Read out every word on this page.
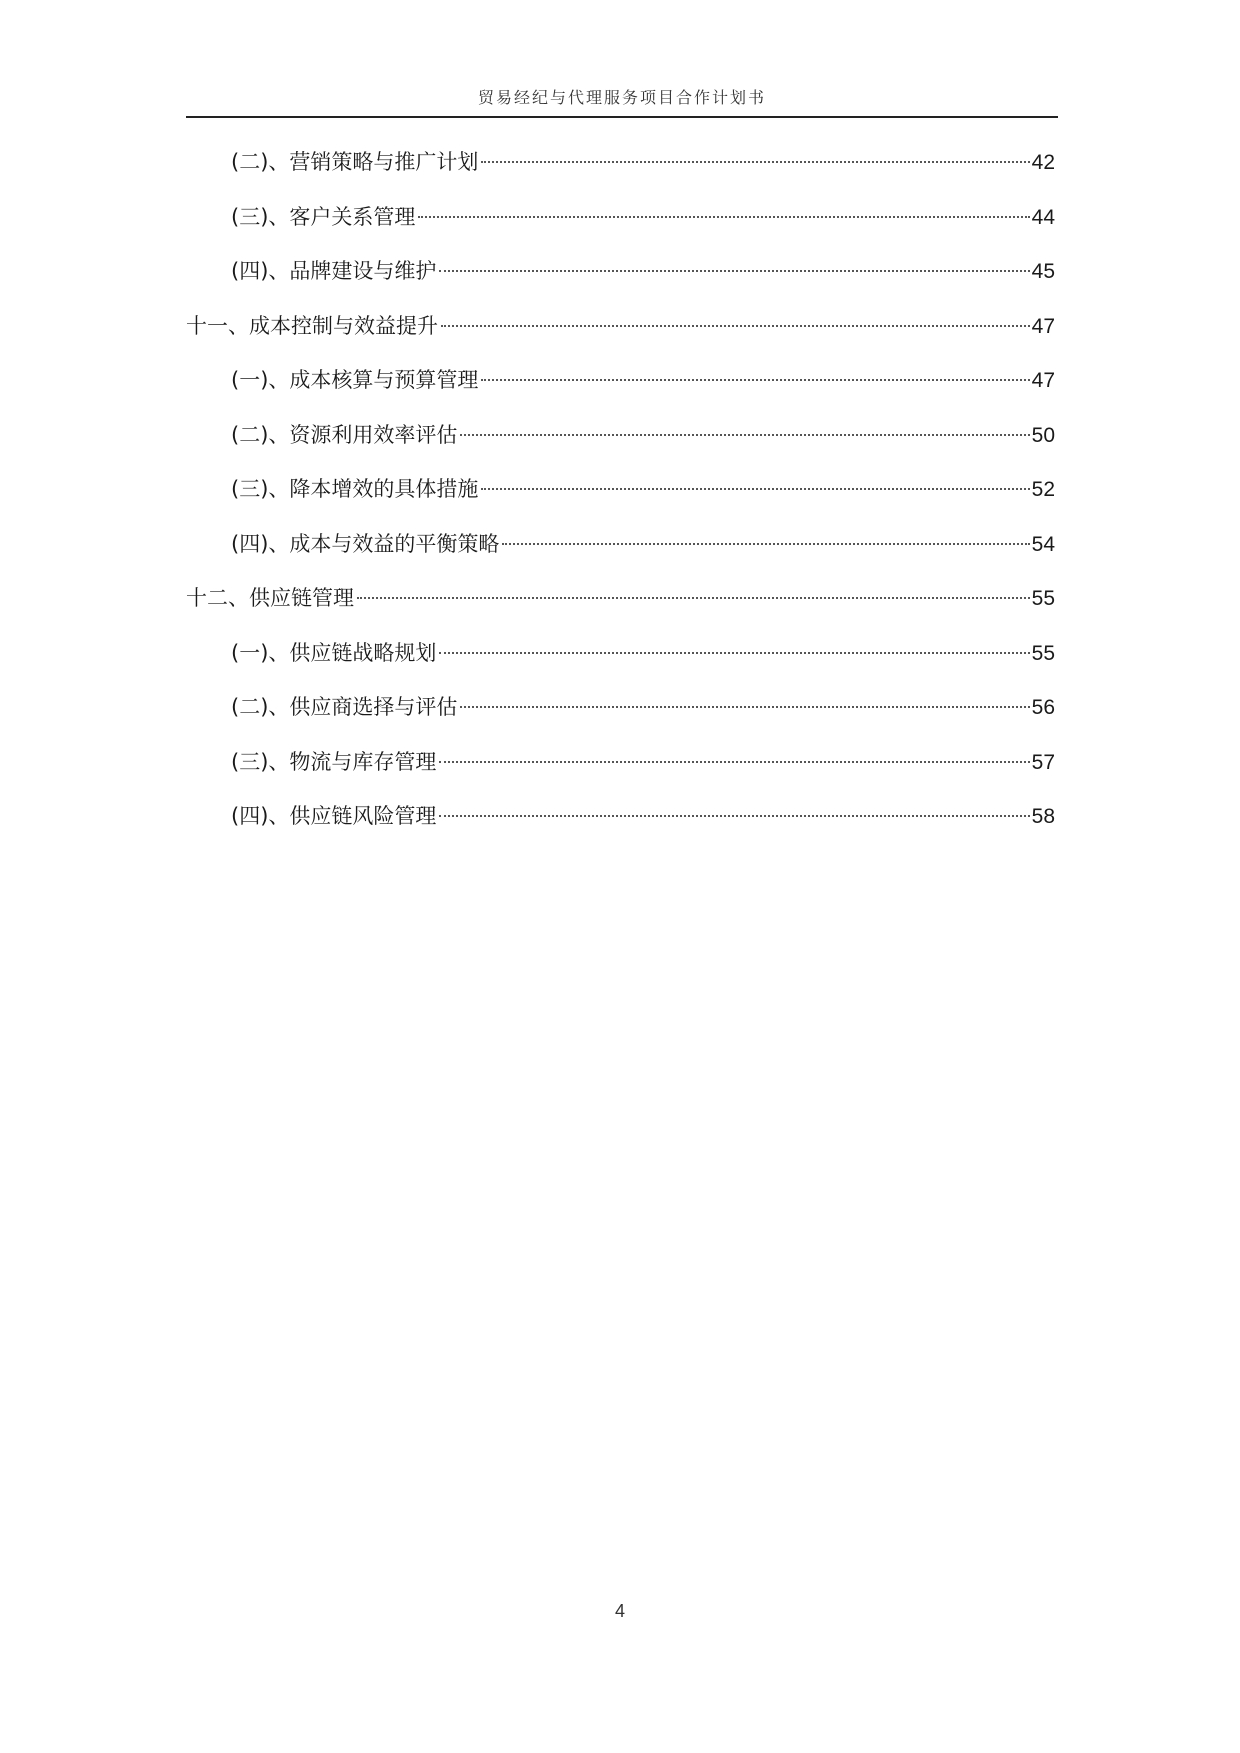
贸易经纪与代理服务项目合作计划书
(二)、营销策略与推广计划	42
(三)、客户关系管理	44
(四)、品牌建设与维护	45
十一、成本控制与效益提升	47
(一)、成本核算与预算管理	47
(二)、资源利用效率评估	50
(三)、降本增效的具体措施	52
(四)、成本与效益的平衡策略	54
十二、供应链管理	55
(一)、供应链战略规划	55
(二)、供应商选择与评估	56
(三)、物流与库存管理	57
(四)、供应链风险管理	58
4
